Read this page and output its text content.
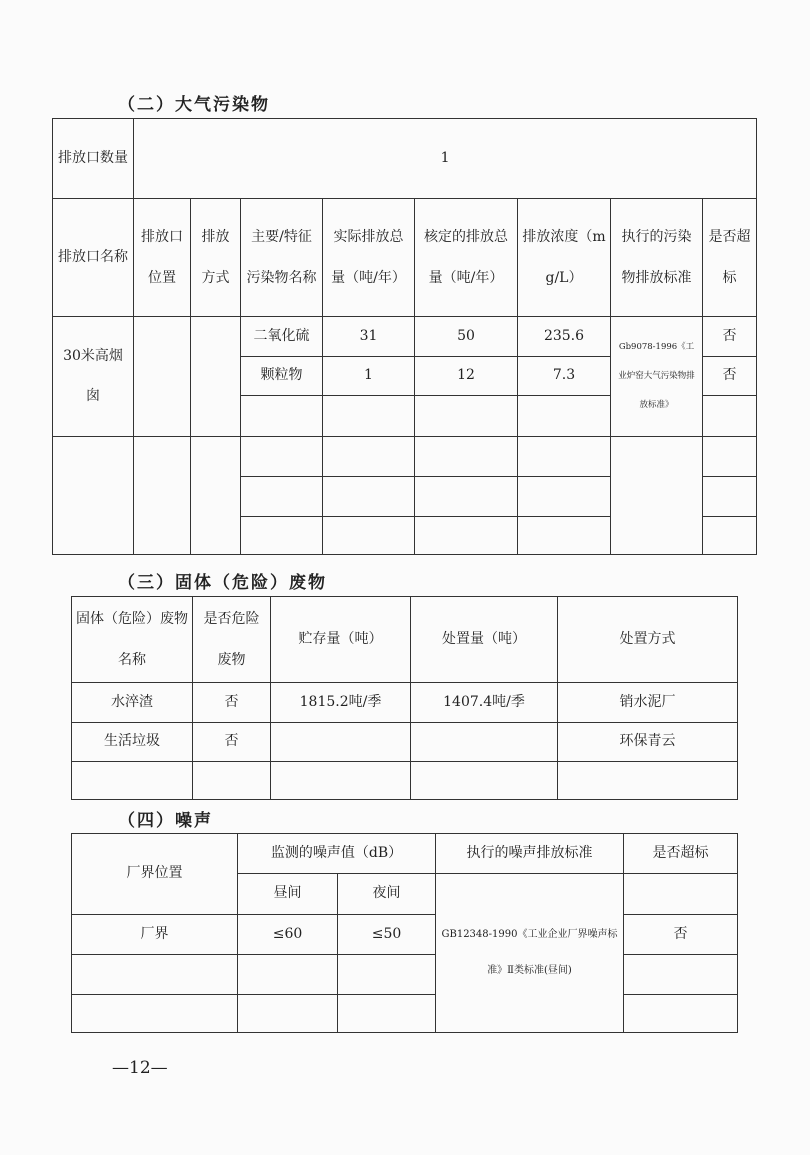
（二）大气污染物
排放口数量	1							
排放口名称	排放口位置	排放方式	主要/特征污染物名称	实际排放总量（吨/年）	核定的排放总量（吨/年）	排放浓度（mg/L）	执行的污染物排放标准	是否超标
30米高烟囱			二氧化硫	31	50	235.6	Gb9078-1996《工业炉窑大气污染物排放标准》	否
			颗粒物	1	12	7.3		否

（三）固体（危险）废物
固体（危险）废物名称	是否危险废物	贮存量（吨）	处置量（吨）	处置方式
水淬渣	否	1815.2吨/季	1407.4吨/季	销水泥厂
生活垃圾	否			环保青云

（四）噪声
厂界位置	监测的噪声值（dB）		执行的噪声排放标准	是否超标
	昼间	夜间	GB12348-1990《工业企业厂界噪声标准》Ⅱ类标准(昼间)	
厂界	≤60	≤50		否

—12—
